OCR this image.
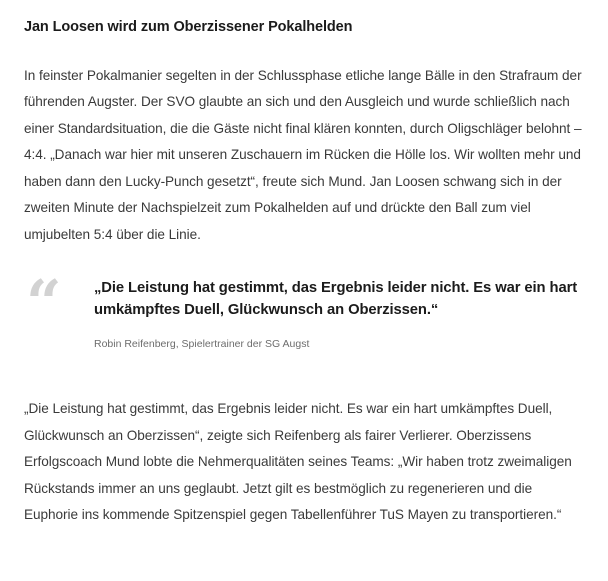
Jan Loosen wird zum Oberzissener Pokalhelden

In feinster Pokalmanier segelten in der Schlussphase etliche lange Bälle in den Strafraum der führenden Augster. Der SVO glaubte an sich und den Ausgleich und wurde schließlich nach einer Standardsituation, die die Gäste nicht final klären konnten, durch Oligschläger belohnt – 4:4. „Danach war hier mit unseren Zuschauern im Rücken die Hölle los. Wir wollten mehr und haben dann den Lucky-Punch gesetzt“, freute sich Mund. Jan Loosen schwang sich in der zweiten Minute der Nachspielzeit zum Pokalhelden auf und drückte den Ball zum viel umjubelten 5:4 über die Linie.

“ „Die Leistung hat gestimmt, das Ergebnis leider nicht. Es war ein hart umkämpftes Duell, Glückwunsch an Oberzissen.“

Robin Reifenberg, Spielertrainer der SG Augst

„Die Leistung hat gestimmt, das Ergebnis leider nicht. Es war ein hart umkämpftes Duell, Glückwunsch an Oberzissen“, zeigte sich Reifenberg als fairer Verlierer. Oberzissens Erfolgscoach Mund lobte die Nehmerqualitäten seines Teams: „Wir haben trotz zweimaligen Rückstands immer an uns geglaubt. Jetzt gilt es bestmöglich zu regenerieren und die Euphorie ins kommende Spitzenspiel gegen Tabellenführer TuS Mayen zu transportieren.“
